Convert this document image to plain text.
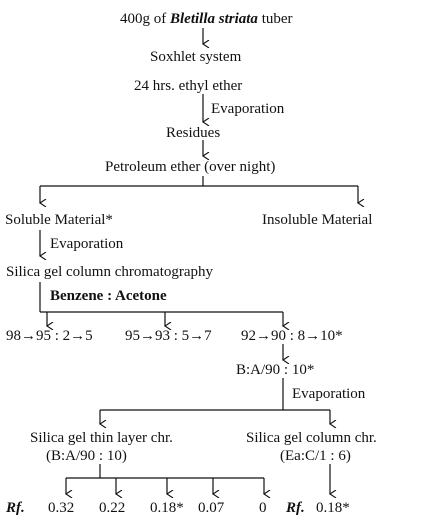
400g of Bletilla striata tuber
Soxhlet system
24 hrs. ethyl ether
Evaporation
Residues
Petroleum ether (over night)
Soluble Material*	Insoluble Material
Evaporation
Silica gel column chromatography
Benzene : Acetone
98→95 : 2→5 95→93 : 5→7 92→90 : 8→10*
B:A/90 : 10*
Evaporation
Silica gel thin layer chr.
(B:A/90 : 10)
Silica gel column chr.
(Ea:C/1 : 6)
Rf. 0.32 0.22 0.18* 0.07 0 Rf. 0.18*
